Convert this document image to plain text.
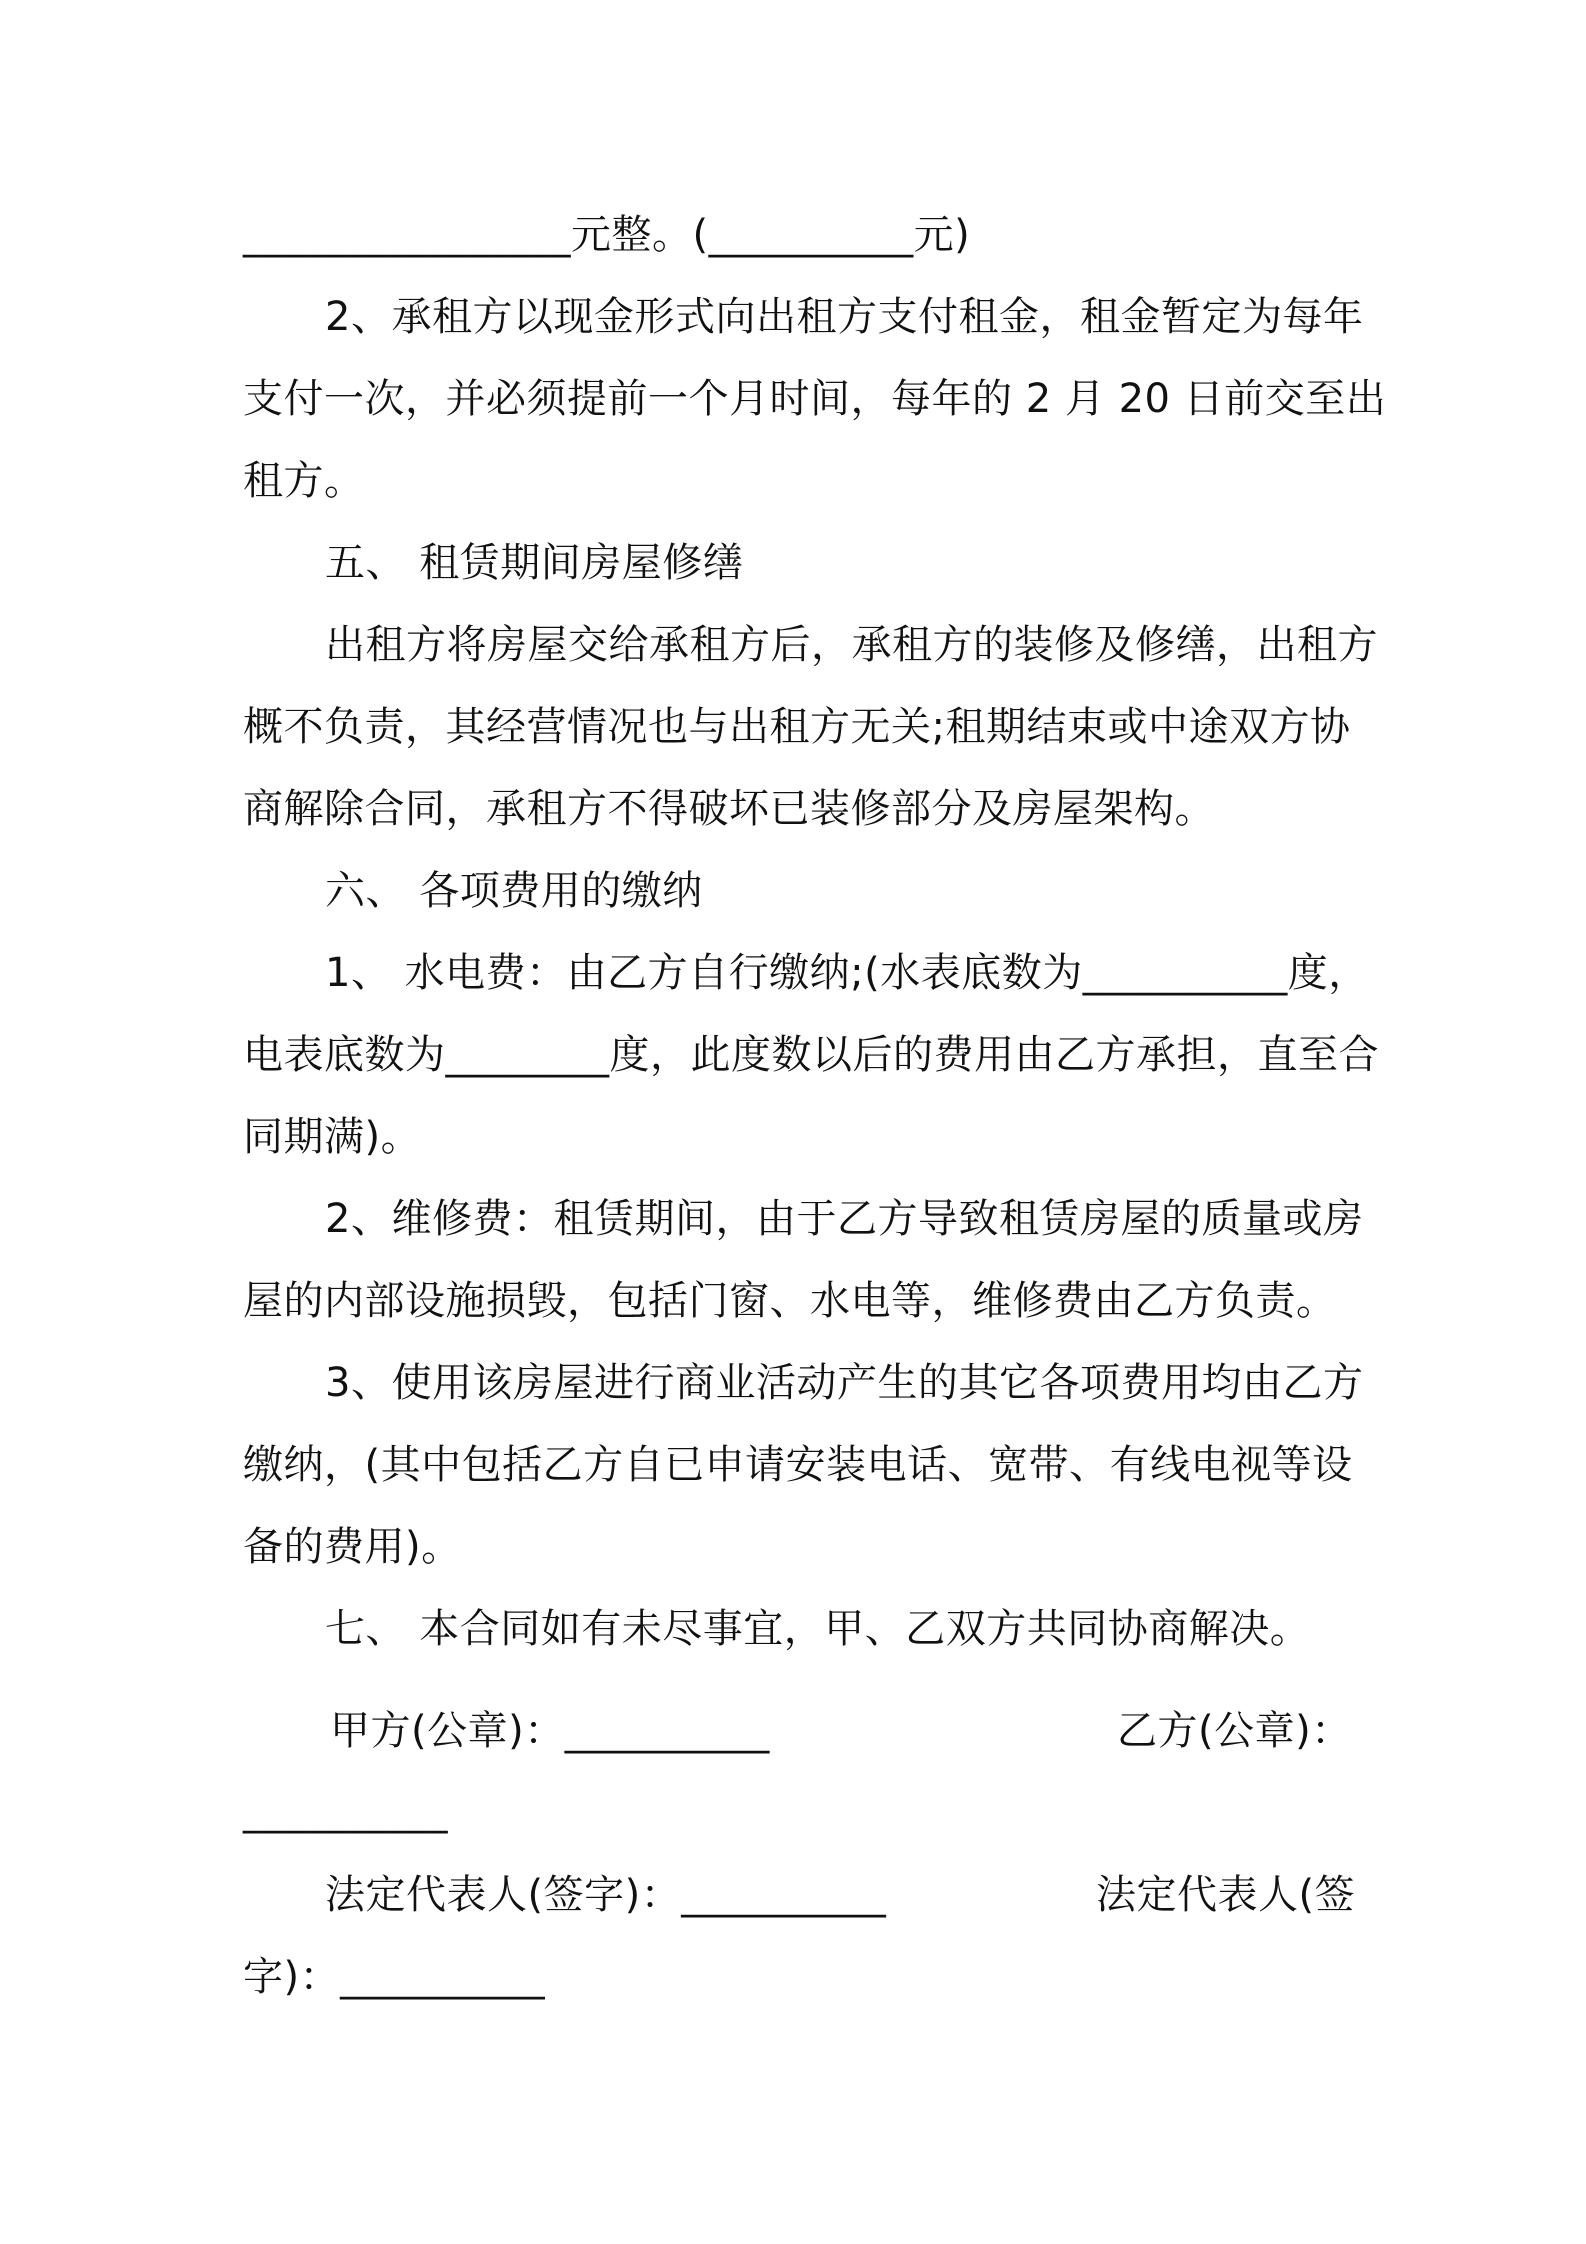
________________元整。(__________元)

2、承租方以现金形式向出租方支付租金，租金暂定为每年

支付一次，并必须提前一个月时间，每年的 2 月 20 日前交至出

租方。

五、 租赁期间房屋修缮

出租方将房屋交给承租方后，承租方的装修及修缮，出租方

概不负责，其经营情况也与出租方无关;租期结束或中途双方协

商解除合同，承租方不得破坏已装修部分及房屋架构。

六、 各项费用的缴纳

1、 水电费：由乙方自行缴纳;(水表底数为__________度，

电表底数为________度，此度数以后的费用由乙方承担，直至合

同期满)。

2、维修费：租赁期间，由于乙方导致租赁房屋的质量或房

屋的内部设施损毁，包括门窗、水电等，维修费由乙方负责。

3、使用该房屋进行商业活动产生的其它各项费用均由乙方

缴纳，(其中包括乙方自已申请安装电话、宽带、有线电视等设

备的费用)。

七、 本合同如有未尽事宜，甲、乙双方共同协商解决。

甲方(公章)：__________	乙方(公章)：

__________

法定代表人(签字)：__________	法定代表人(签

字)：__________
